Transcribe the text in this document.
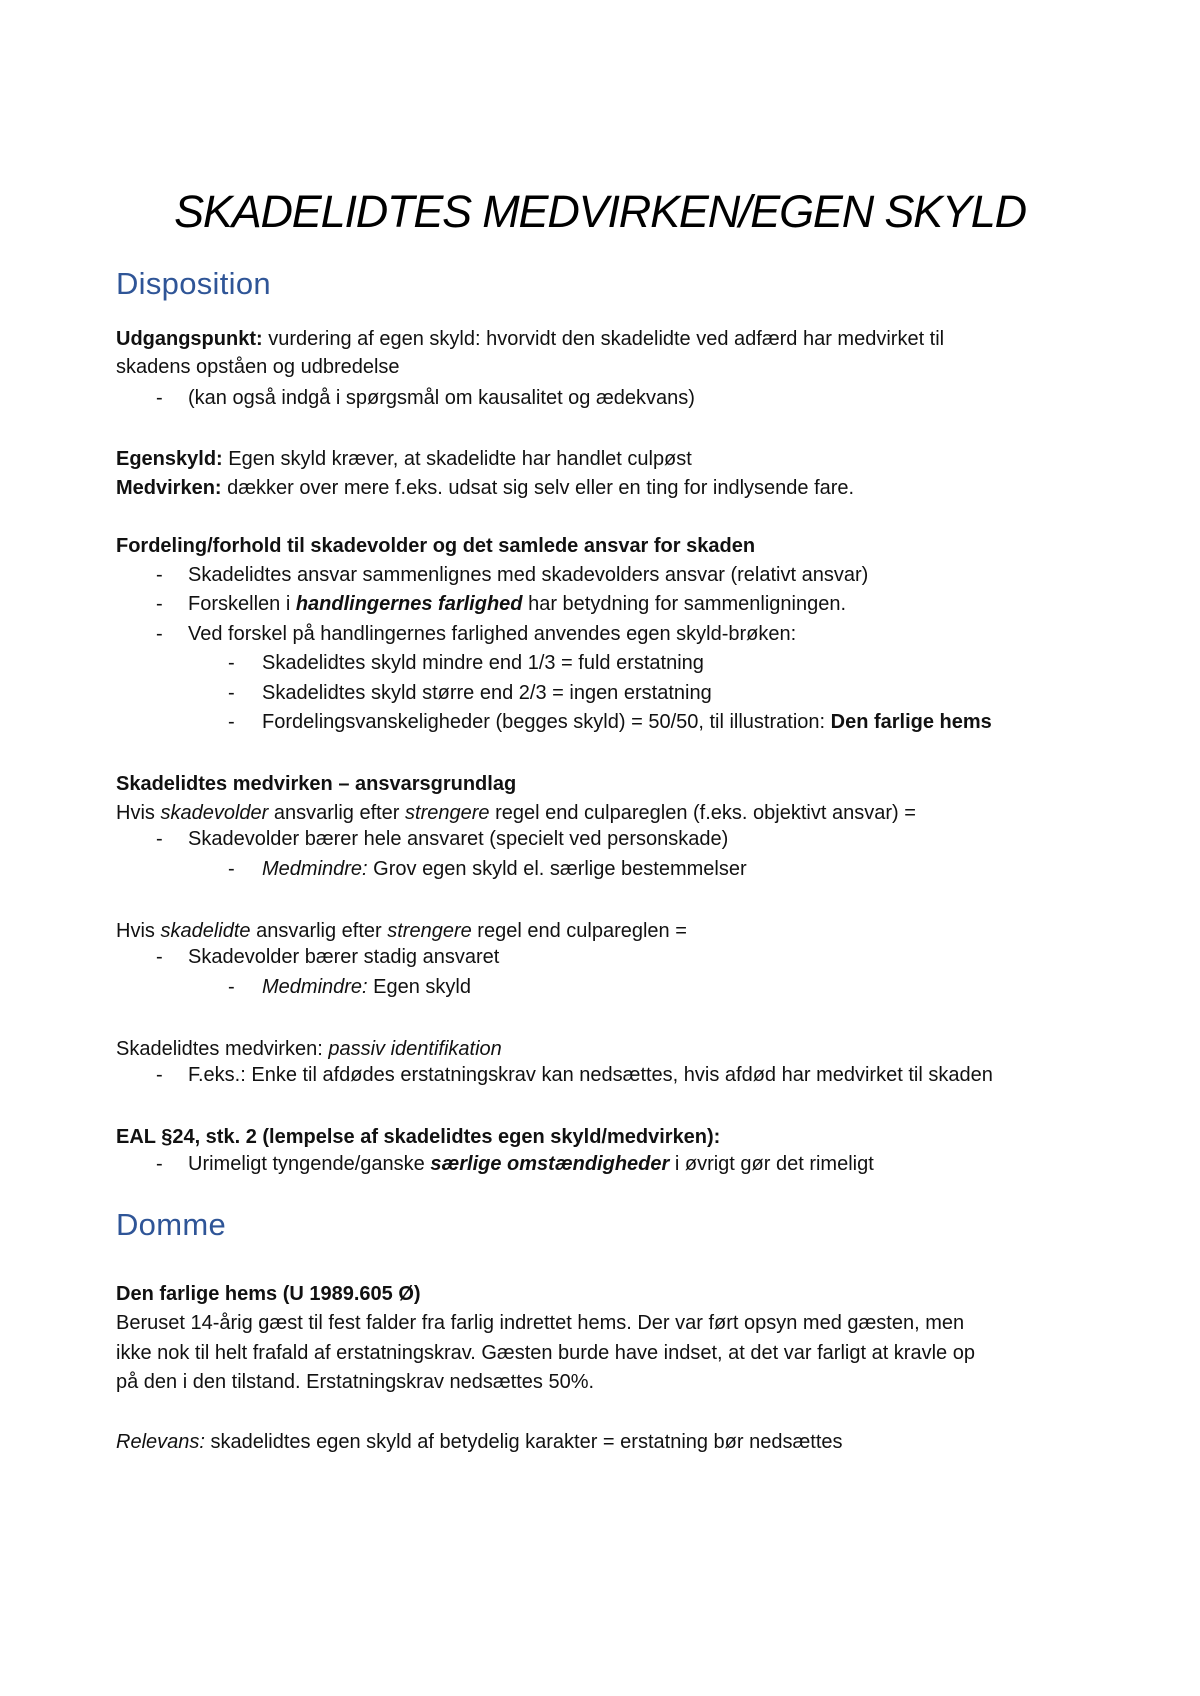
SKADELIDTES MEDVIRKEN/EGEN SKYLD
Disposition
Udgangspunkt: vurdering af egen skyld: hvorvidt den skadelidte ved adfærd har medvirket til
skadens opståen og udbredelse
- (kan også indgå i spørgsmål om kausalitet og ædekvans)
Egenskyld: Egen skyld kræver, at skadelidte har handlet culpøst
Medvirken: dækker over mere f.eks. udsat sig selv eller en ting for indlysende fare.
Fordeling/forhold til skadevolder og det samlede ansvar for skaden
- Skadelidtes ansvar sammenlignes med skadevolders ansvar (relativt ansvar)
- Forskellen i handlingernes farlighed har betydning for sammenligningen.
- Ved forskel på handlingernes farlighed anvendes egen skyld-brøken:
- Skadelidtes skyld mindre end 1/3 = fuld erstatning
- Skadelidtes skyld større end 2/3 = ingen erstatning
- Fordelingsvanskeligheder (begges skyld) = 50/50, til illustration: Den farlige hems
Skadelidtes medvirken – ansvarsgrundlag
Hvis skadevolder ansvarlig efter strengere regel end culpareglen (f.eks. objektivt ansvar) =
- Skadevolder bærer hele ansvaret (specielt ved personskade)
- Medmindre: Grov egen skyld el. særlige bestemmelser
Hvis skadelidte ansvarlig efter strengere regel end culpareglen =
- Skadevolder bærer stadig ansvaret
- Medmindre: Egen skyld
Skadelidtes medvirken: passiv identifikation
- F.eks.: Enke til afdødes erstatningskrav kan nedsættes, hvis afdød har medvirket til skaden
EAL §24, stk. 2 (lempelse af skadelidtes egen skyld/medvirken):
- Urimeligt tyngende/ganske særlige omstændigheder i øvrigt gør det rimeligt
Domme
Den farlige hems (U 1989.605 Ø)
Beruset 14-årig gæst til fest falder fra farlig indrettet hems. Der var ført opsyn med gæsten, men
ikke nok til helt frafald af erstatningskrav. Gæsten burde have indset, at det var farligt at kravle op
på den i den tilstand. Erstatningskrav nedsættes 50%.
Relevans: skadelidtes egen skyld af betydelig karakter = erstatning bør nedsættes
